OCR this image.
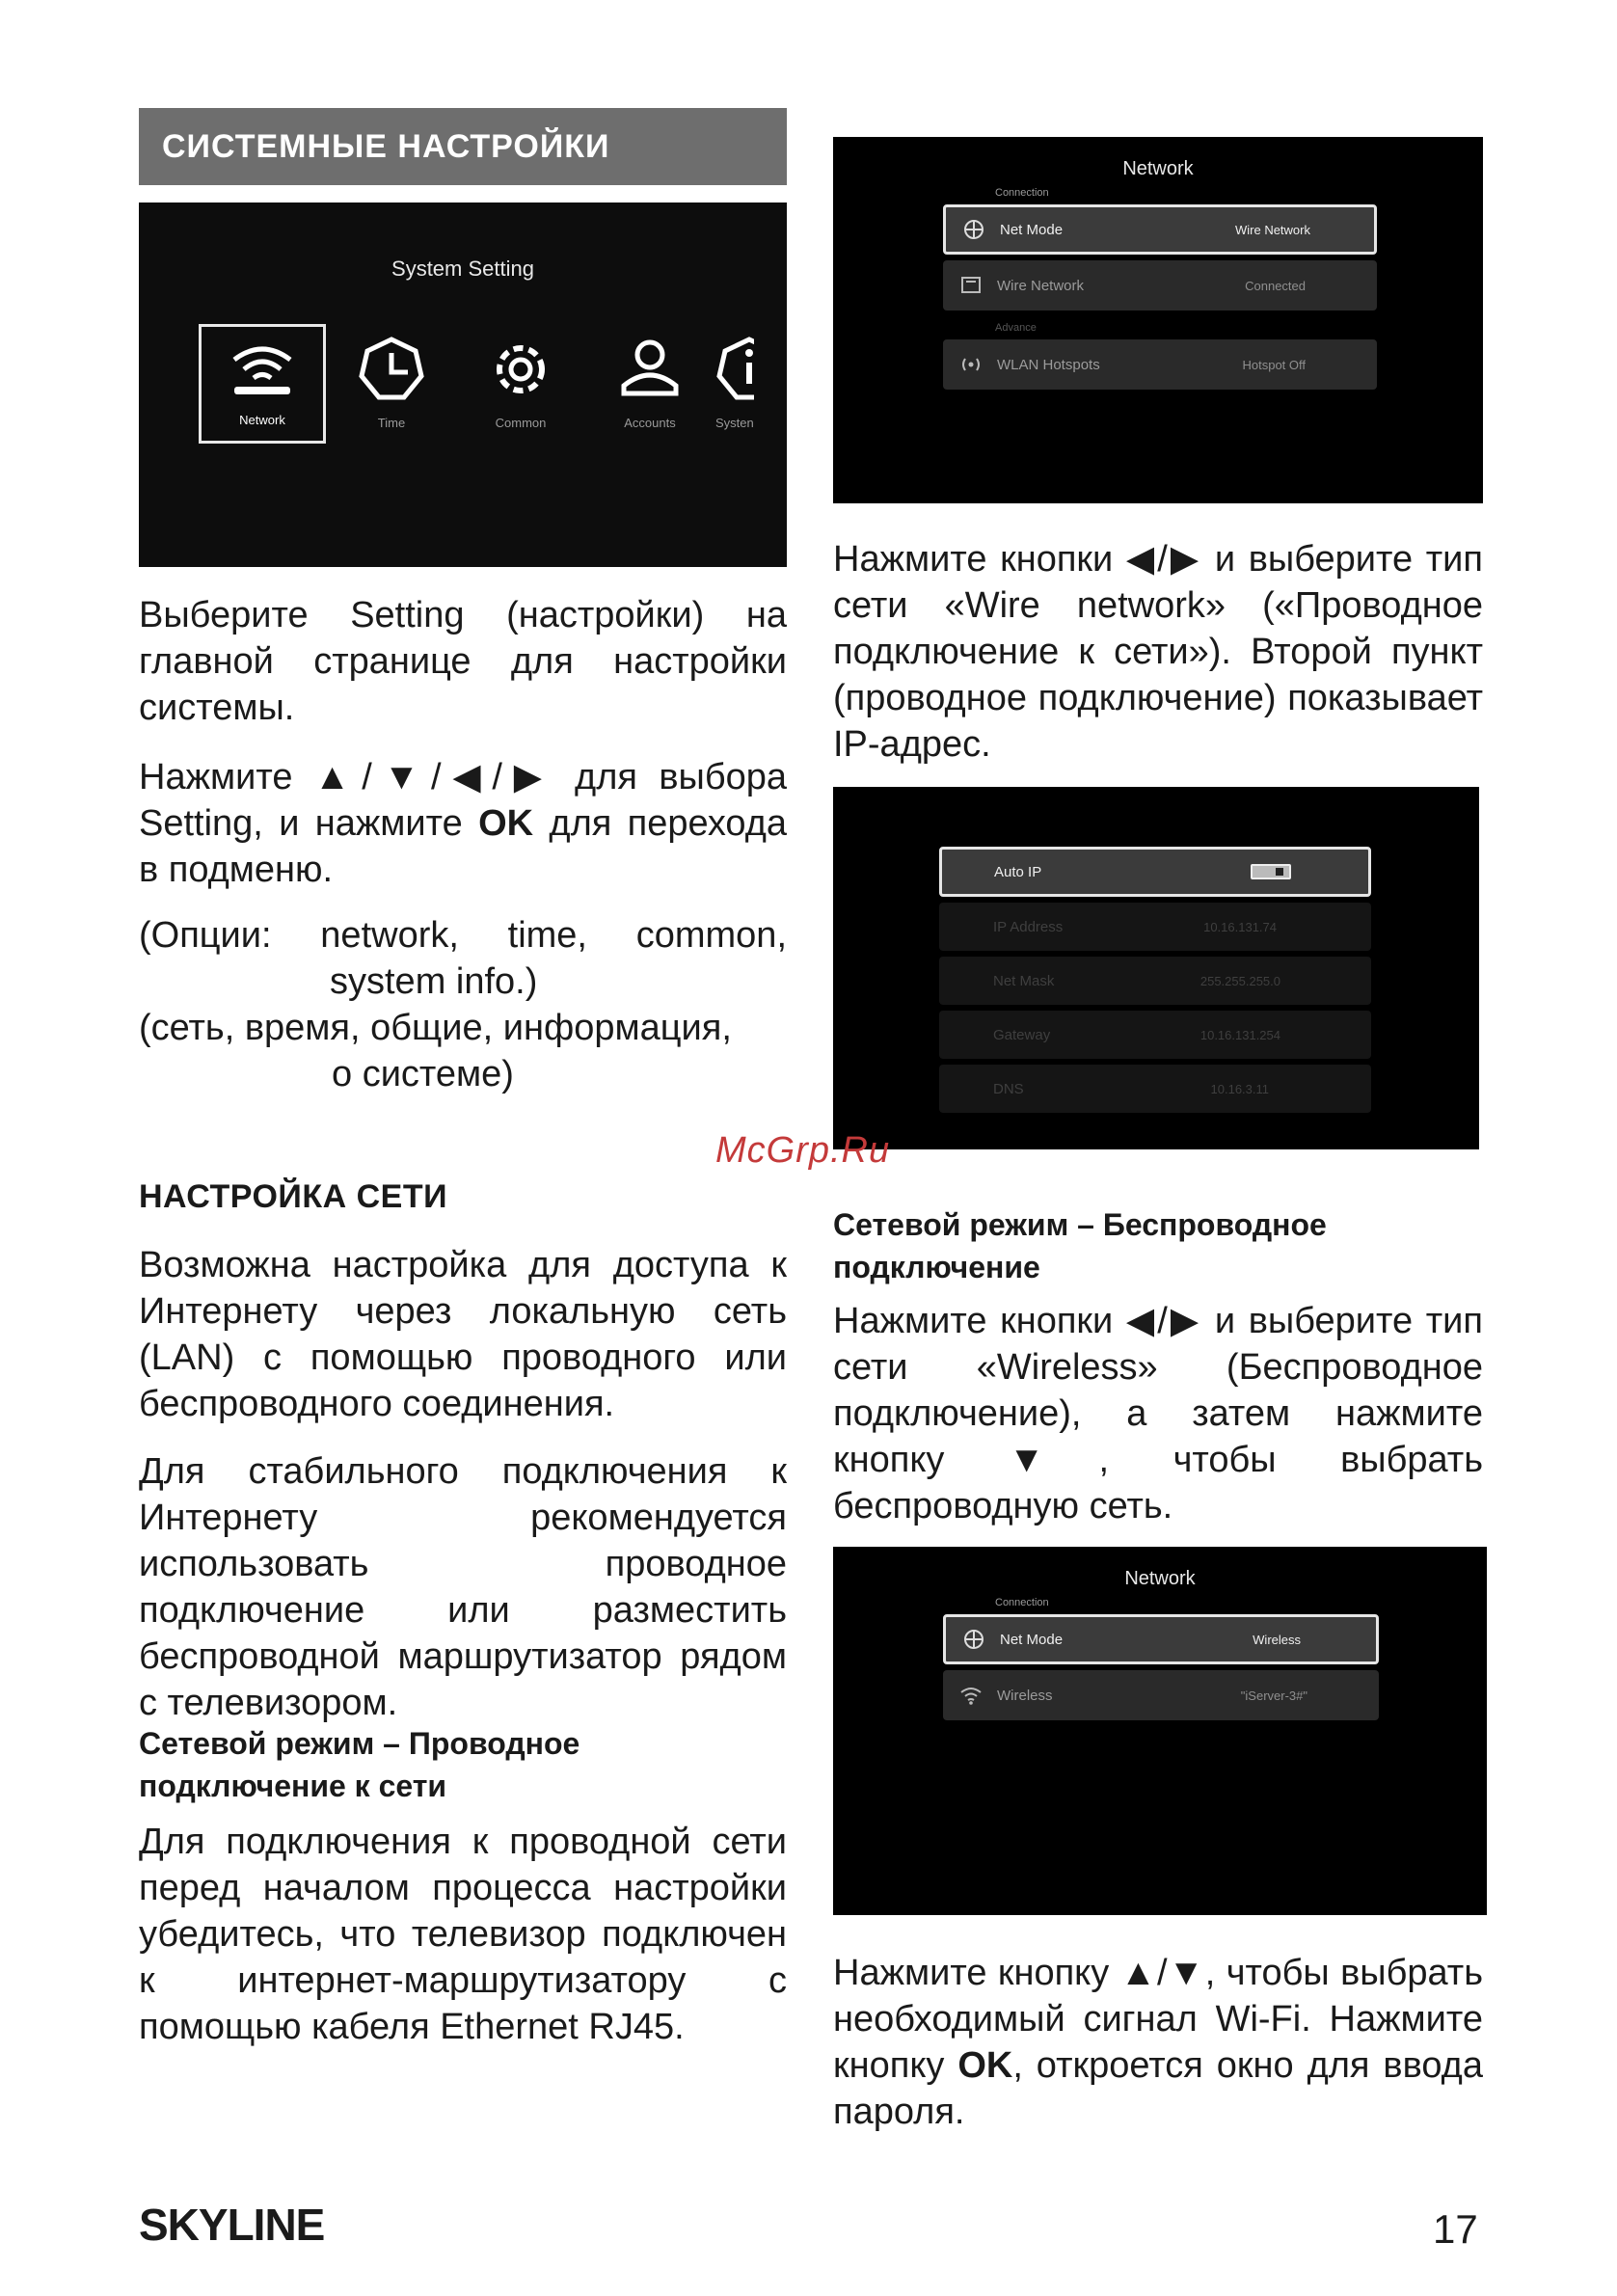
СИСТЕМНЫЕ НАСТРОЙКИ
System Setting
Network	Time	Common	Accounts	Systen
Выберите Setting (настройки) на главной странице для настройки системы.
Нажмите ▲/▼/◀/▶ для выбора Setting, и нажмите OK для перехода в подменю.
(Опции: network, time, common,
system info.)
(сеть, время, общие, информация,
о системе)
НАСТРОЙКА СЕТИ
Возможна настройка для доступа к Интернету через локальную сеть (LAN) с помощью проводного или беспроводного соединения.
Для стабильного подключения к Интернету рекомендуется использовать проводное подключение или разместить беспроводной маршрутизатор рядом с телевизором.
Сетевой режим – Проводное подключение к сети
Для подключения к проводной сети перед началом процесса настройки убедитесь, что телевизор подключен к интернет-маршрутизатору с помощью кабеля Ethernet RJ45.
Network
Connection
Net Mode	Wire Network
Wire Network	Connected
Advance
WLAN Hotspots	Hotspot Off
Нажмите кнопки ◀/▶ и выберите тип сети «Wire network» («Проводное подключение к сети»). Второй пункт (проводное подключение) показывает IP-адрес.
Auto IP
IP Address	10.16.131.74
Net Mask	255.255.255.0
Gateway	10.16.131.254
DNS	10.16.3.11
McGrp.Ru
Сетевой режим – Беспроводное подключение
Нажмите кнопки ◀/▶ и выберите тип сети «Wireless» (Беспроводное подключение), а затем нажмите кнопку ▼, чтобы выбрать беспроводную сеть.
Network
Connection
Net Mode	Wireless
Wireless	"iServer-3#"
Нажмите кнопку ▲/▼, чтобы выбрать необходимый сигнал Wi-Fi. Нажмите кнопку OK, откроется окно для ввода пароля.
SKYLINE	17
